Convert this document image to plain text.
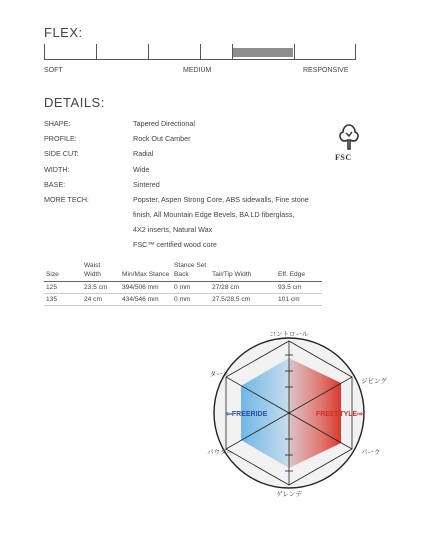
FLEX:
SOFT	MEDIUM	RESPONSIVE
DETAILS:
SHAPE:	Tapered Directional
PROFILE:	Rock Out Camber
SIDE CUT:	Radial
WIDTH:	Wide
BASE:	Sintered
MORE TECH:	Popster, Aspen Strong Core, ABS sidewalls, Fine stone
finish, All Mountain Edge Bevels, BA LD fiberglass,
4X2 inserts, Natural Wax
FSC™ certified wood core
FSC
Size	Waist Width	Min/Max Stance	Stance Set Back	Tail/Tip Width	Eff. Edge
125	23.5 cm	394/506 mm	0 mm	27/28 cm	93.5 cm
135	24 cm	434/546 mm	0 mm	27.5/28.5 cm	101 cm
コントロール
ジビング
パーク
ゲレンデ
パウダー
ターン
⇦FREERIDE	FREESTYLE⇨
